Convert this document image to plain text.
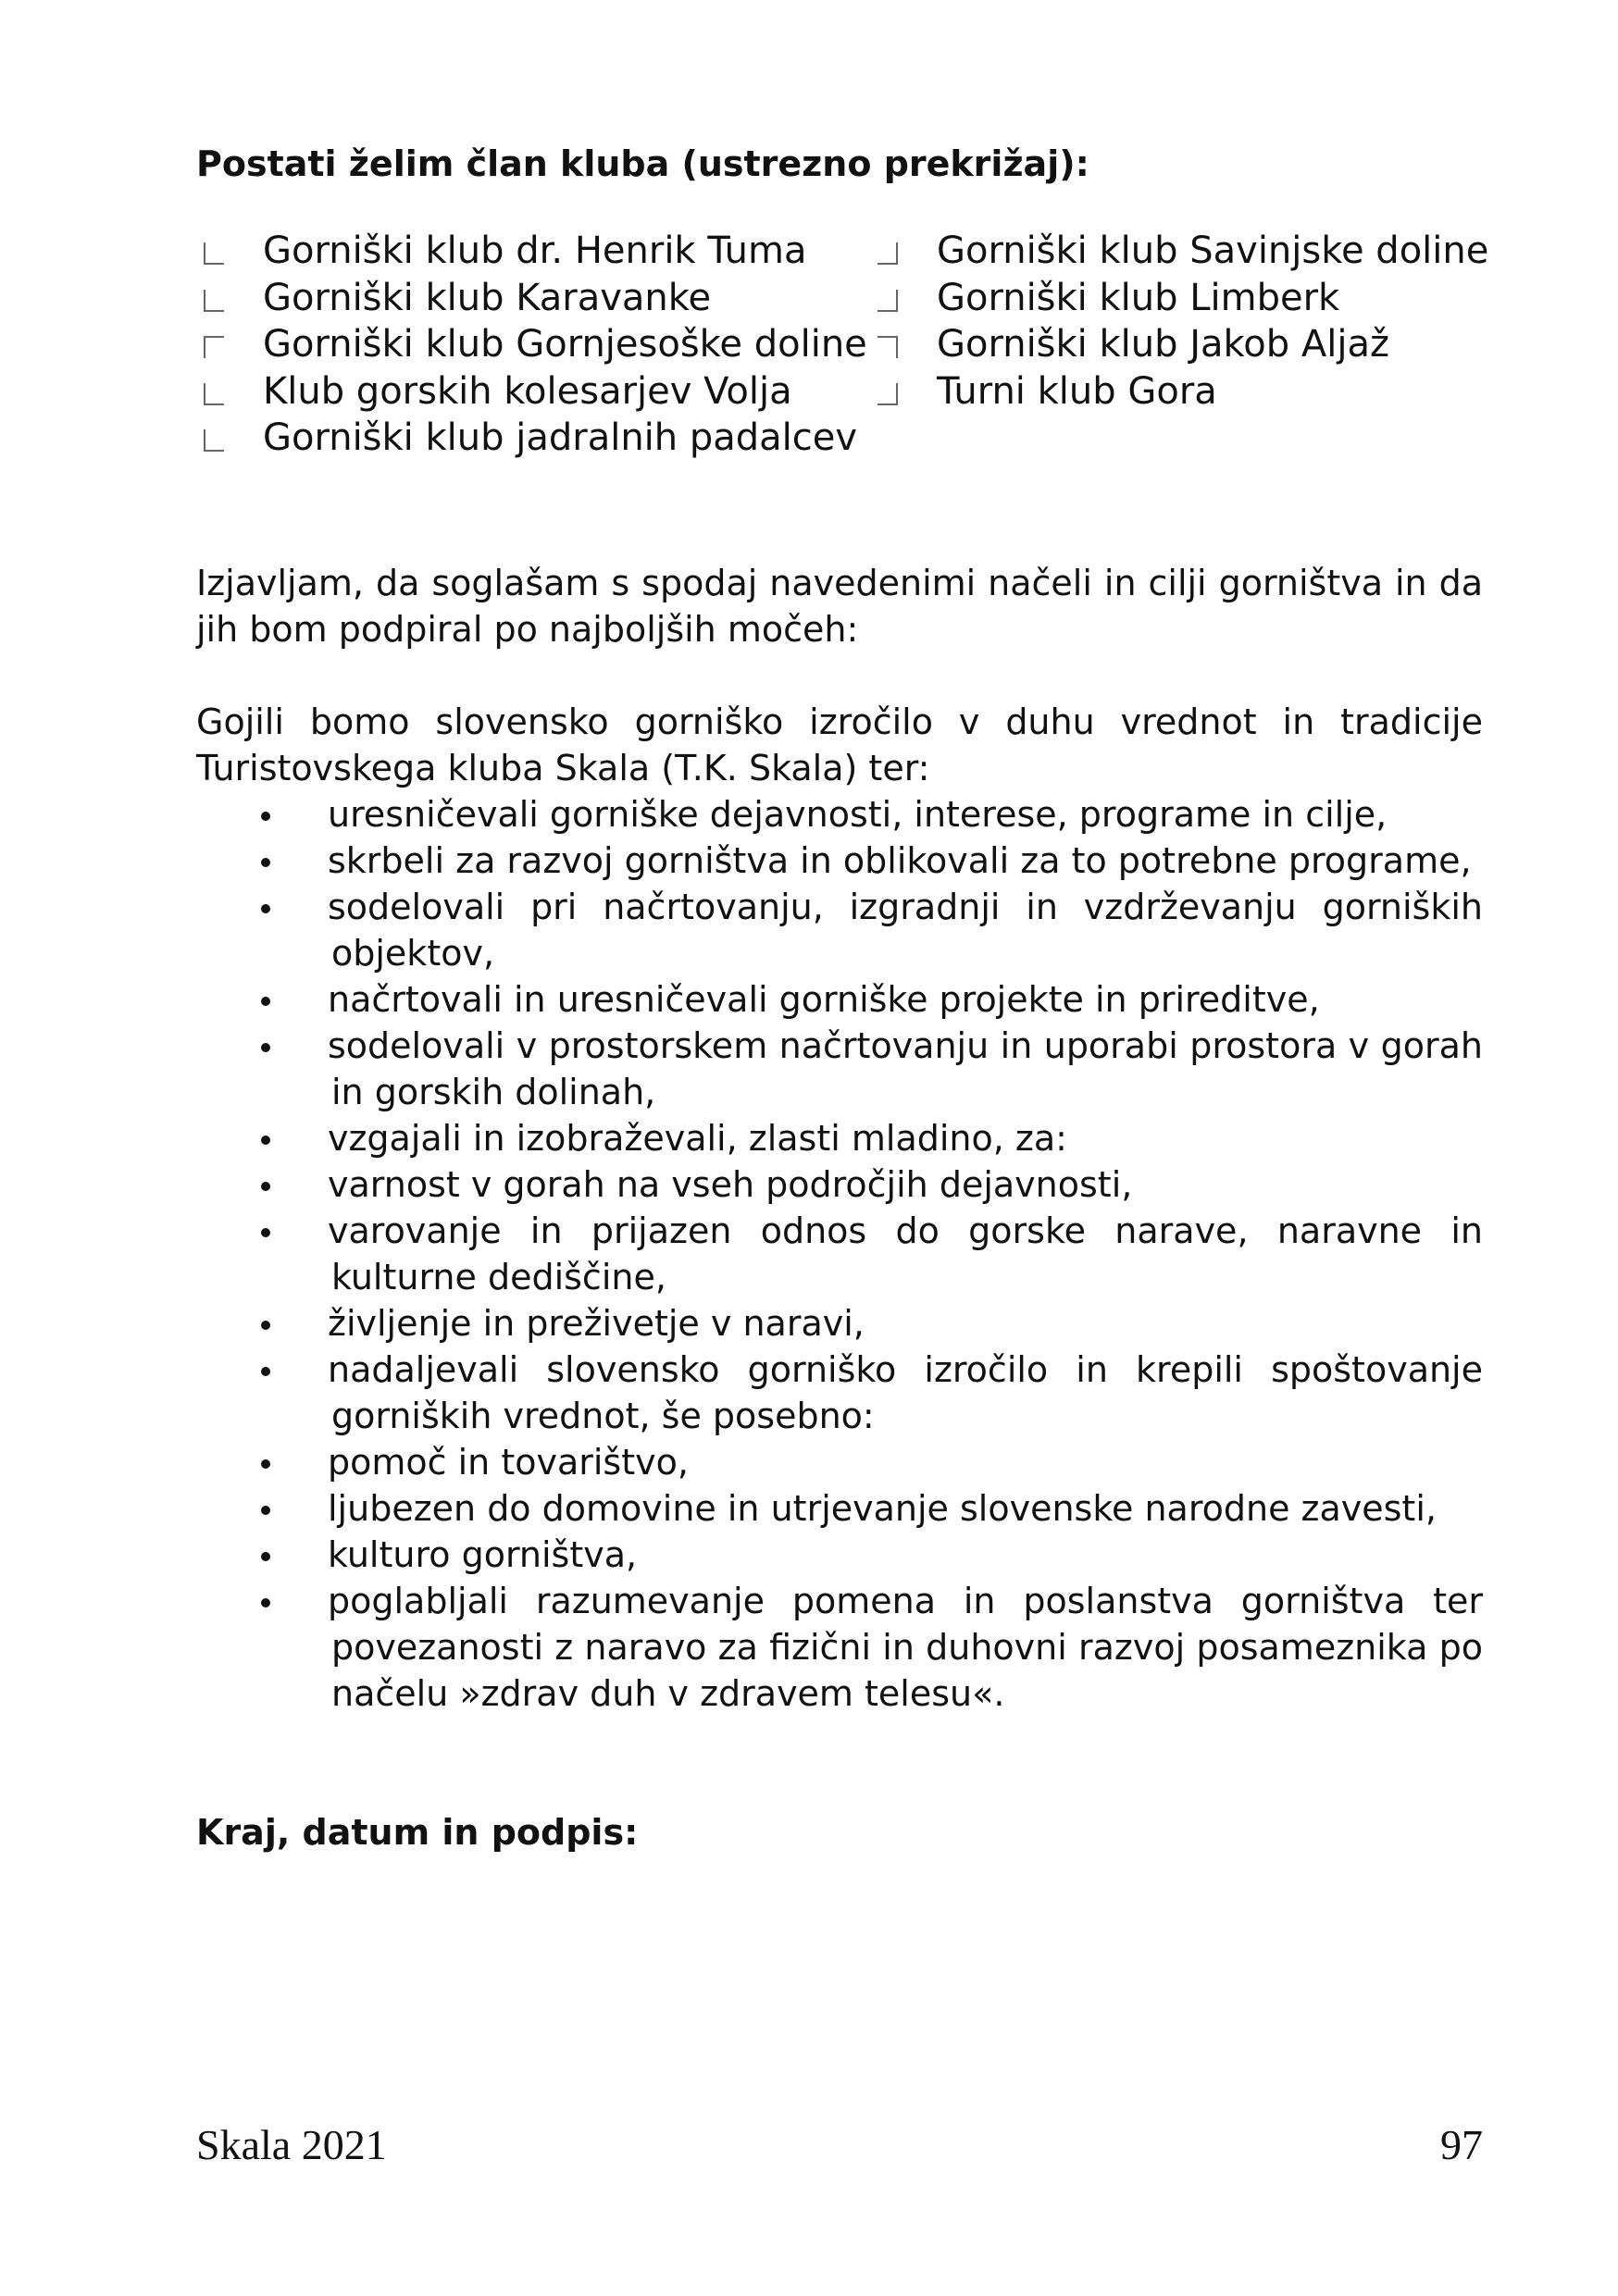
Postati želim član kluba (ustrezno prekrižaj):
Gorniški klub dr. Henrik Tuma
Gorniški klub Karavanke
Gorniški klub Gornjesoške doline
Klub gorskih kolesarjev Volja
Gorniški klub jadralnih padalcev
Gorniški klub Savinjske doline
Gorniški klub Limberk
Gorniški klub Jakob Aljaž
Turni klub Gora

Izjavljam, da soglašam s spodaj navedenimi načeli in cilji gorništva in da jih bom podpiral po najboljših močeh:

Gojili bomo slovensko gorniško izročilo v duhu vrednot in tradicije Turistovskega kluba Skala (T.K. Skala) ter:

uresničevali gorniške dejavnosti, interese, programe in cilje,
skrbeli za razvoj gorništva in oblikovali za to potrebne programe,
sodelovali pri načrtovanju, izgradnji in vzdrževanju gorniških objektov,
načrtovali in uresničevali gorniške projekte in prireditve,
sodelovali v prostorskem načrtovanju in uporabi prostora v gorah in gorskih dolinah,
vzgajali in izobraževali, zlasti mladino, za:
varnost v gorah na vseh področjih dejavnosti,
varovanje in prijazen odnos do gorske narave, naravne in kulturne dediščine,
življenje in preživetje v naravi,
nadaljevali slovensko gorniško izročilo in krepili spoštovanje gorniških vrednot, še posebno:
pomoč in tovarištvo,
ljubezen do domovine in utrjevanje slovenske narodne zavesti,
kulturo gorništva,
poglabljali razumevanje pomena in poslanstva gorništva ter povezanosti z naravo za fizični in duhovni razvoj posameznika po načelu »zdrav duh v zdravem telesu«.
Kraj, datum in podpis:
Skala 2021	97
